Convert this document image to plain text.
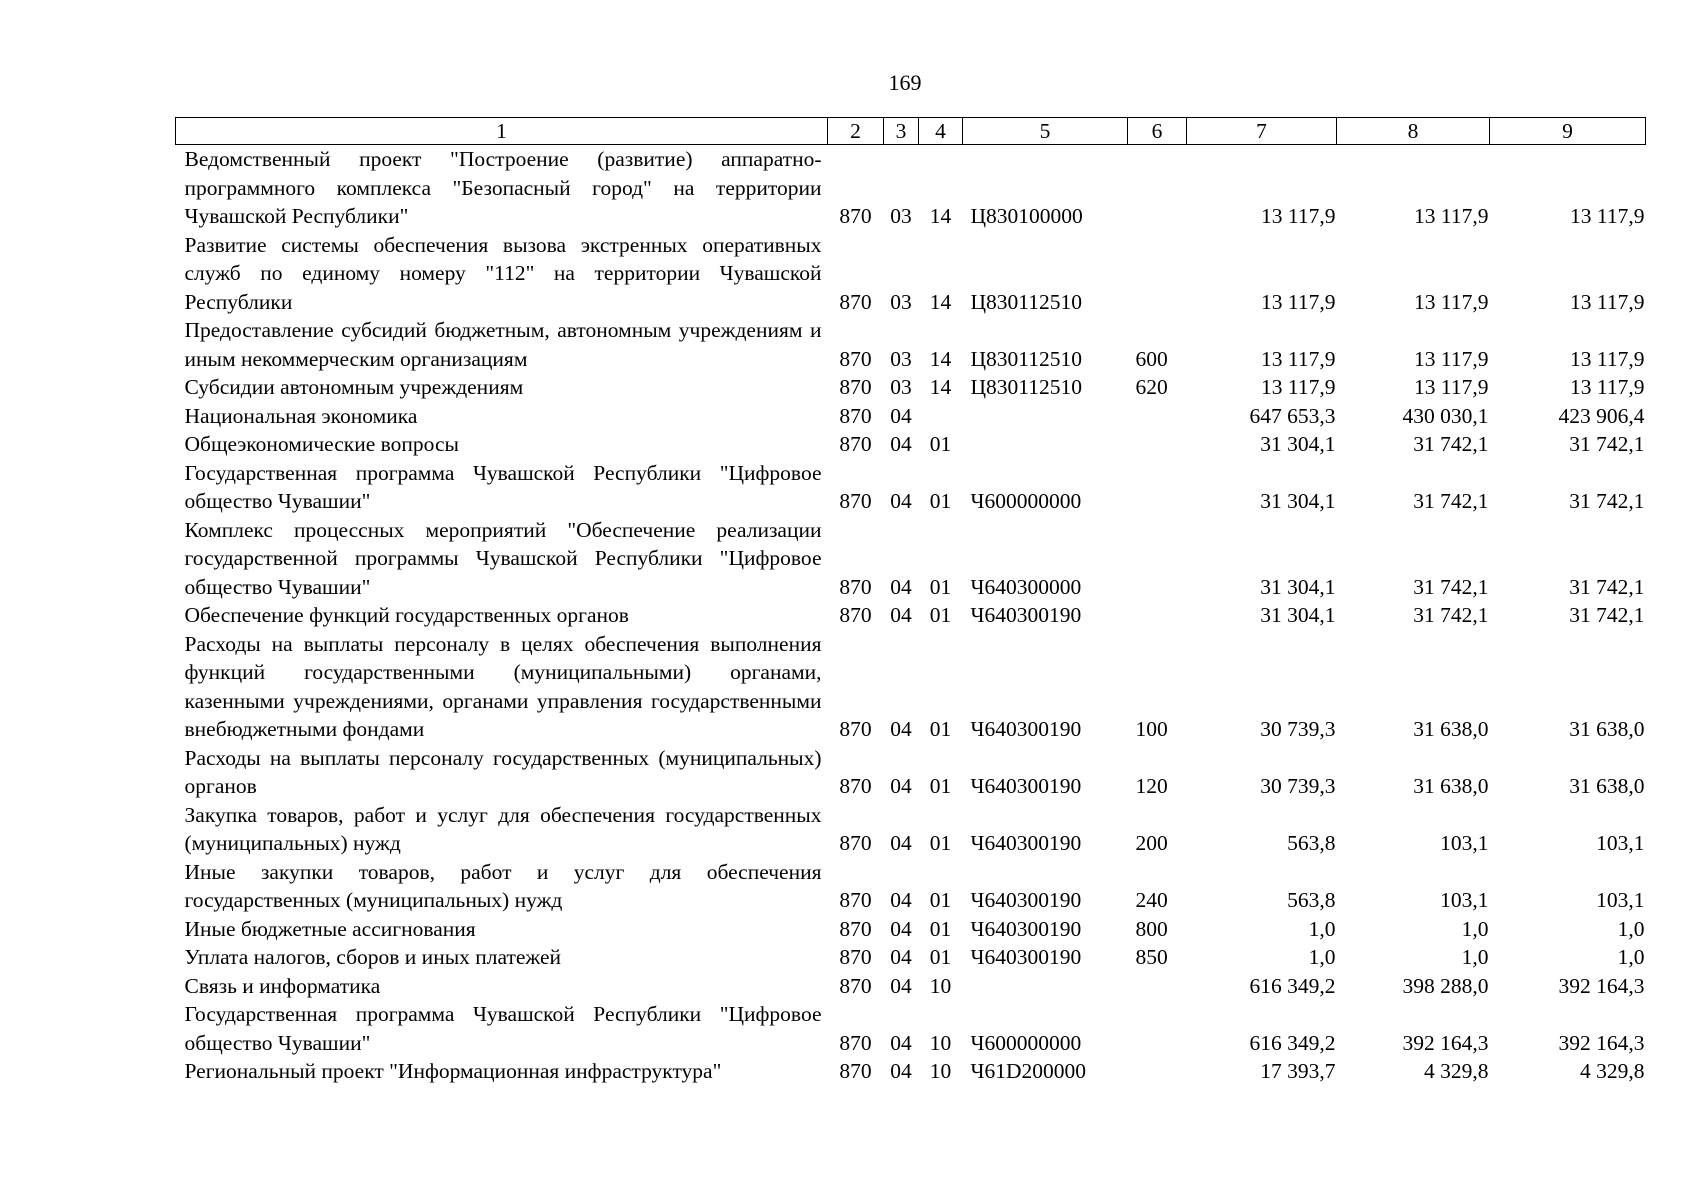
169
1	2	3	4	5	6	7	8	9
Ведомственный проект "Построение (развитие) аппаратно-программного комплекса "Безопасный город" на территории Чувашской Республики"	870	03	14	Ц830100000		13 117,9	13 117,9	13 117,9
Развитие системы обеспечения вызова экстренных оперативных служб по единому номеру "112" на территории Чувашской Республики	870	03	14	Ц830112510		13 117,9	13 117,9	13 117,9
Предоставление субсидий бюджетным, автономным учреждениям и иным некоммерческим организациям	870	03	14	Ц830112510	600	13 117,9	13 117,9	13 117,9
Субсидии автономным учреждениям	870	03	14	Ц830112510	620	13 117,9	13 117,9	13 117,9
Национальная экономика	870	04				647 653,3	430 030,1	423 906,4
Общеэкономические вопросы	870	04	01			31 304,1	31 742,1	31 742,1
Государственная программа Чувашской Республики "Цифровое общество Чувашии"	870	04	01	Ч600000000		31 304,1	31 742,1	31 742,1
Комплекс процессных мероприятий "Обеспечение реализации государственной программы Чувашской Республики "Цифровое общество Чувашии"	870	04	01	Ч640300000		31 304,1	31 742,1	31 742,1
Обеспечение функций государственных органов	870	04	01	Ч640300190		31 304,1	31 742,1	31 742,1
Расходы на выплаты персоналу в целях обеспечения выполнения функций государственными (муниципальными) органами, казенными учреждениями, органами управления государственными внебюджетными фондами	870	04	01	Ч640300190	100	30 739,3	31 638,0	31 638,0
Расходы на выплаты персоналу государственных (муниципальных) органов	870	04	01	Ч640300190	120	30 739,3	31 638,0	31 638,0
Закупка товаров, работ и услуг для обеспечения государственных (муниципальных) нужд	870	04	01	Ч640300190	200	563,8	103,1	103,1
Иные закупки товаров, работ и услуг для обеспечения государственных (муниципальных) нужд	870	04	01	Ч640300190	240	563,8	103,1	103,1
Иные бюджетные ассигнования	870	04	01	Ч640300190	800	1,0	1,0	1,0
Уплата налогов, сборов и иных платежей	870	04	01	Ч640300190	850	1,0	1,0	1,0
Связь и информатика	870	04	10			616 349,2	398 288,0	392 164,3
Государственная программа Чувашской Республики "Цифровое общество Чувашии"	870	04	10	Ч600000000		616 349,2	392 164,3	392 164,3
Региональный проект "Информационная инфраструктура"	870	04	10	Ч61D200000		17 393,7	4 329,8	4 329,8
